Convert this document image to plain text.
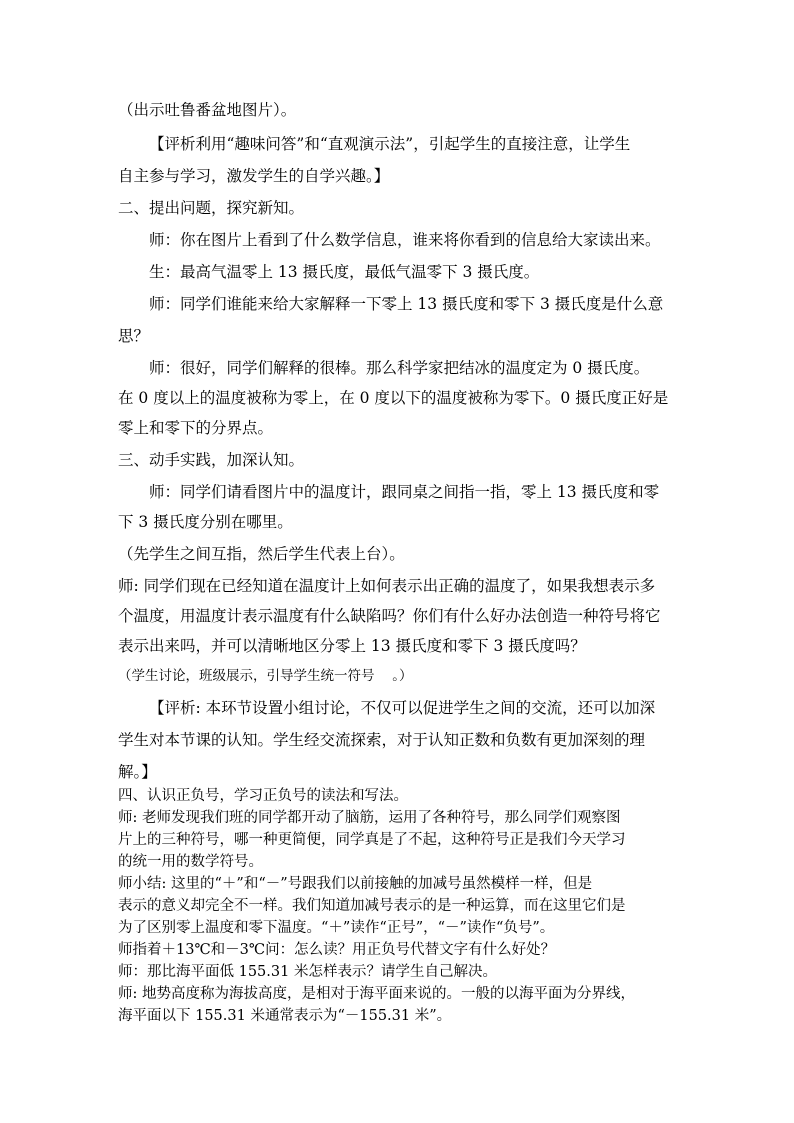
（出示吐鲁番盆地图片）。
【评析利用“趣味问答”和“直观演示法”，引起学生的直接注意，让学生
自主参与学习，激发学生的自学兴趣。】
二、提出问题，探究新知。
师：你在图片上看到了什么数学信息，谁来将你看到的信息给大家读出来。
生：最高气温零上 13 摄氏度，最低气温零下 3 摄氏度。
师：同学们谁能来给大家解释一下零上 13 摄氏度和零下 3 摄氏度是什么意
思？
师：很好，同学们解释的很棒。那么科学家把结冰的温度定为 0 摄氏度。
在 0 度以上的温度被称为零上，在 0 度以下的温度被称为零下。0 摄氏度正好是
零上和零下的分界点。
三、动手实践，加深认知。
师：同学们请看图片中的温度计，跟同桌之间指一指，零上 13 摄氏度和零
下 3 摄氏度分别在哪里。
（先学生之间互指，然后学生代表上台）。
师: 同学们现在已经知道在温度计上如何表示出正确的温度了，如果我想表示多
个温度，用温度计表示温度有什么缺陷吗？你们有什么好办法创造一种符号将它
表示出来吗，并可以清晰地区分零上 13 摄氏度和零下 3 摄氏度吗？
（学生讨论，班级展示，引导学生统一符号　 。）
【评析: 本环节设置小组讨论，不仅可以促进学生之间的交流，还可以加深
学生对本节课的认知。学生经交流探索，对于认知正数和负数有更加深刻的理
解。】
四、认识正负号，学习正负号的读法和写法。
师: 老师发现我们班的同学都开动了脑筋，运用了各种符号，那么同学们观察图
片上的三种符号，哪一种更简便，同学真是了不起，这种符号正是我们今天学习
的统一用的数学符号。
师小结: 这里的“＋”和“－”号跟我们以前接触的加减号虽然模样一样，但是
表示的意义却完全不一样。我们知道加减号表示的是一种运算，而在这里它们是
为了区别零上温度和零下温度。“＋”读作“正号”，“－”读作“负号”。
师指着＋13℃和－3℃问：怎么读？用正负号代替文字有什么好处？
师：那比海平面低 155.31 米怎样表示？请学生自己解决。
师: 地势高度称为海拔高度，是相对于海平面来说的。一般的以海平面为分界线，
海平面以下 155.31 米通常表示为“－155.31 米”。
